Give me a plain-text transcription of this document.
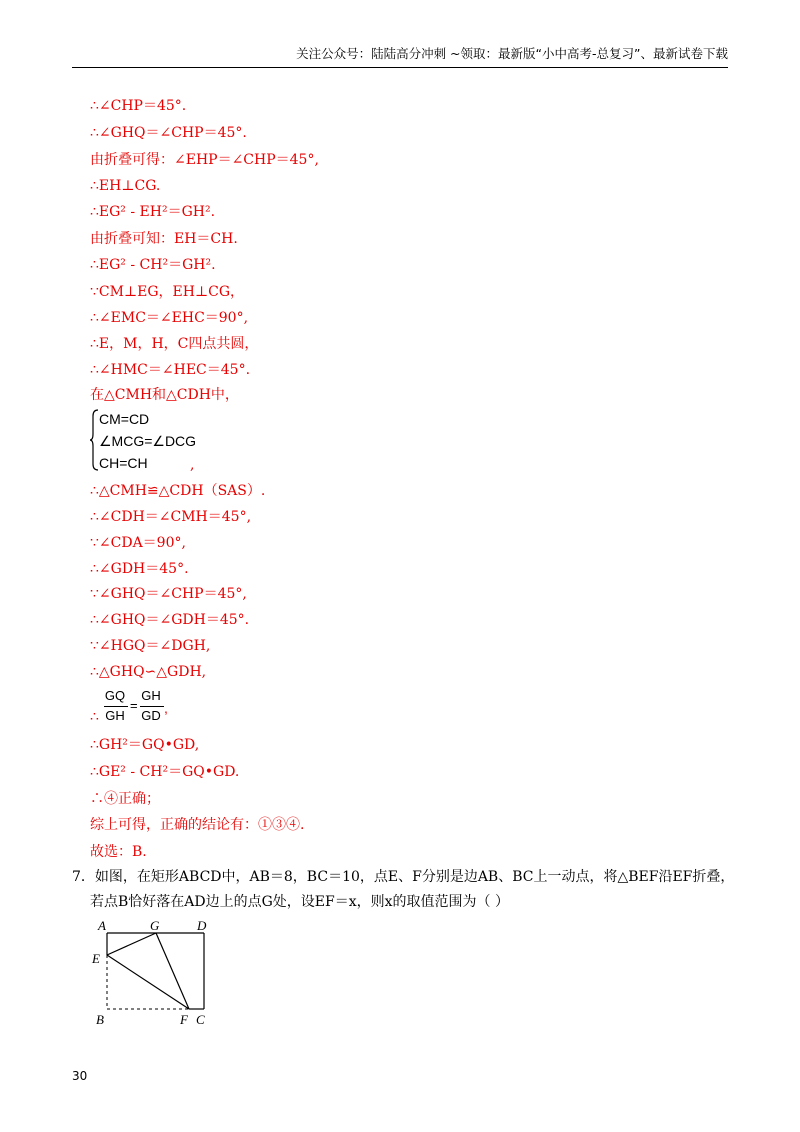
关注公众号：陆陆高分冲刺 ~领取：最新版“小中高考-总复习”、最新试卷下载
∴∠CHP＝45°.
∴∠GHQ＝∠CHP＝45°.
由折叠可得：∠EHP＝∠CHP＝45°,
∴EH⊥CG.
∴EG² - EH²＝GH².
由折叠可知：EH＝CH.
∴EG² - CH²＝GH².
∵CM⊥EG，EH⊥CG，
∴∠EMC＝∠EHC＝90°,
∴E，M，H，C四点共圆，
∴∠HMC＝∠HEC＝45°.
在△CMH和△CDH中，
CM=CD
∠MCG=∠DCG
CH=CH	,
∴△CMH≌△CDH（SAS）.
∴∠CDH＝∠CMH＝45°,
∵∠CDA＝90°,
∴∠GDH＝45°.
∵∠GHQ＝∠CHP＝45°,
∴∠GHQ＝∠GDH＝45°.
∵∠HGQ＝∠DGH,
∴△GHQ∽△GDH,
∴
GQ
GH
=
GH
GD ,
∴GH²＝GQ•GD,
∴GE² - CH²＝GQ•GD.
∴④正确；
综上可得，正确的结论有：①③④.
故选：B.
7．如图，在矩形ABCD中，AB＝8，BC＝10，点E、F分别是边AB、BC上一动点，将△BEF沿EF折叠，
若点B恰好落在AD边上的点G处，设EF＝x，则x的取值范围为（ ）
A	G	D
E
B	F C
30
